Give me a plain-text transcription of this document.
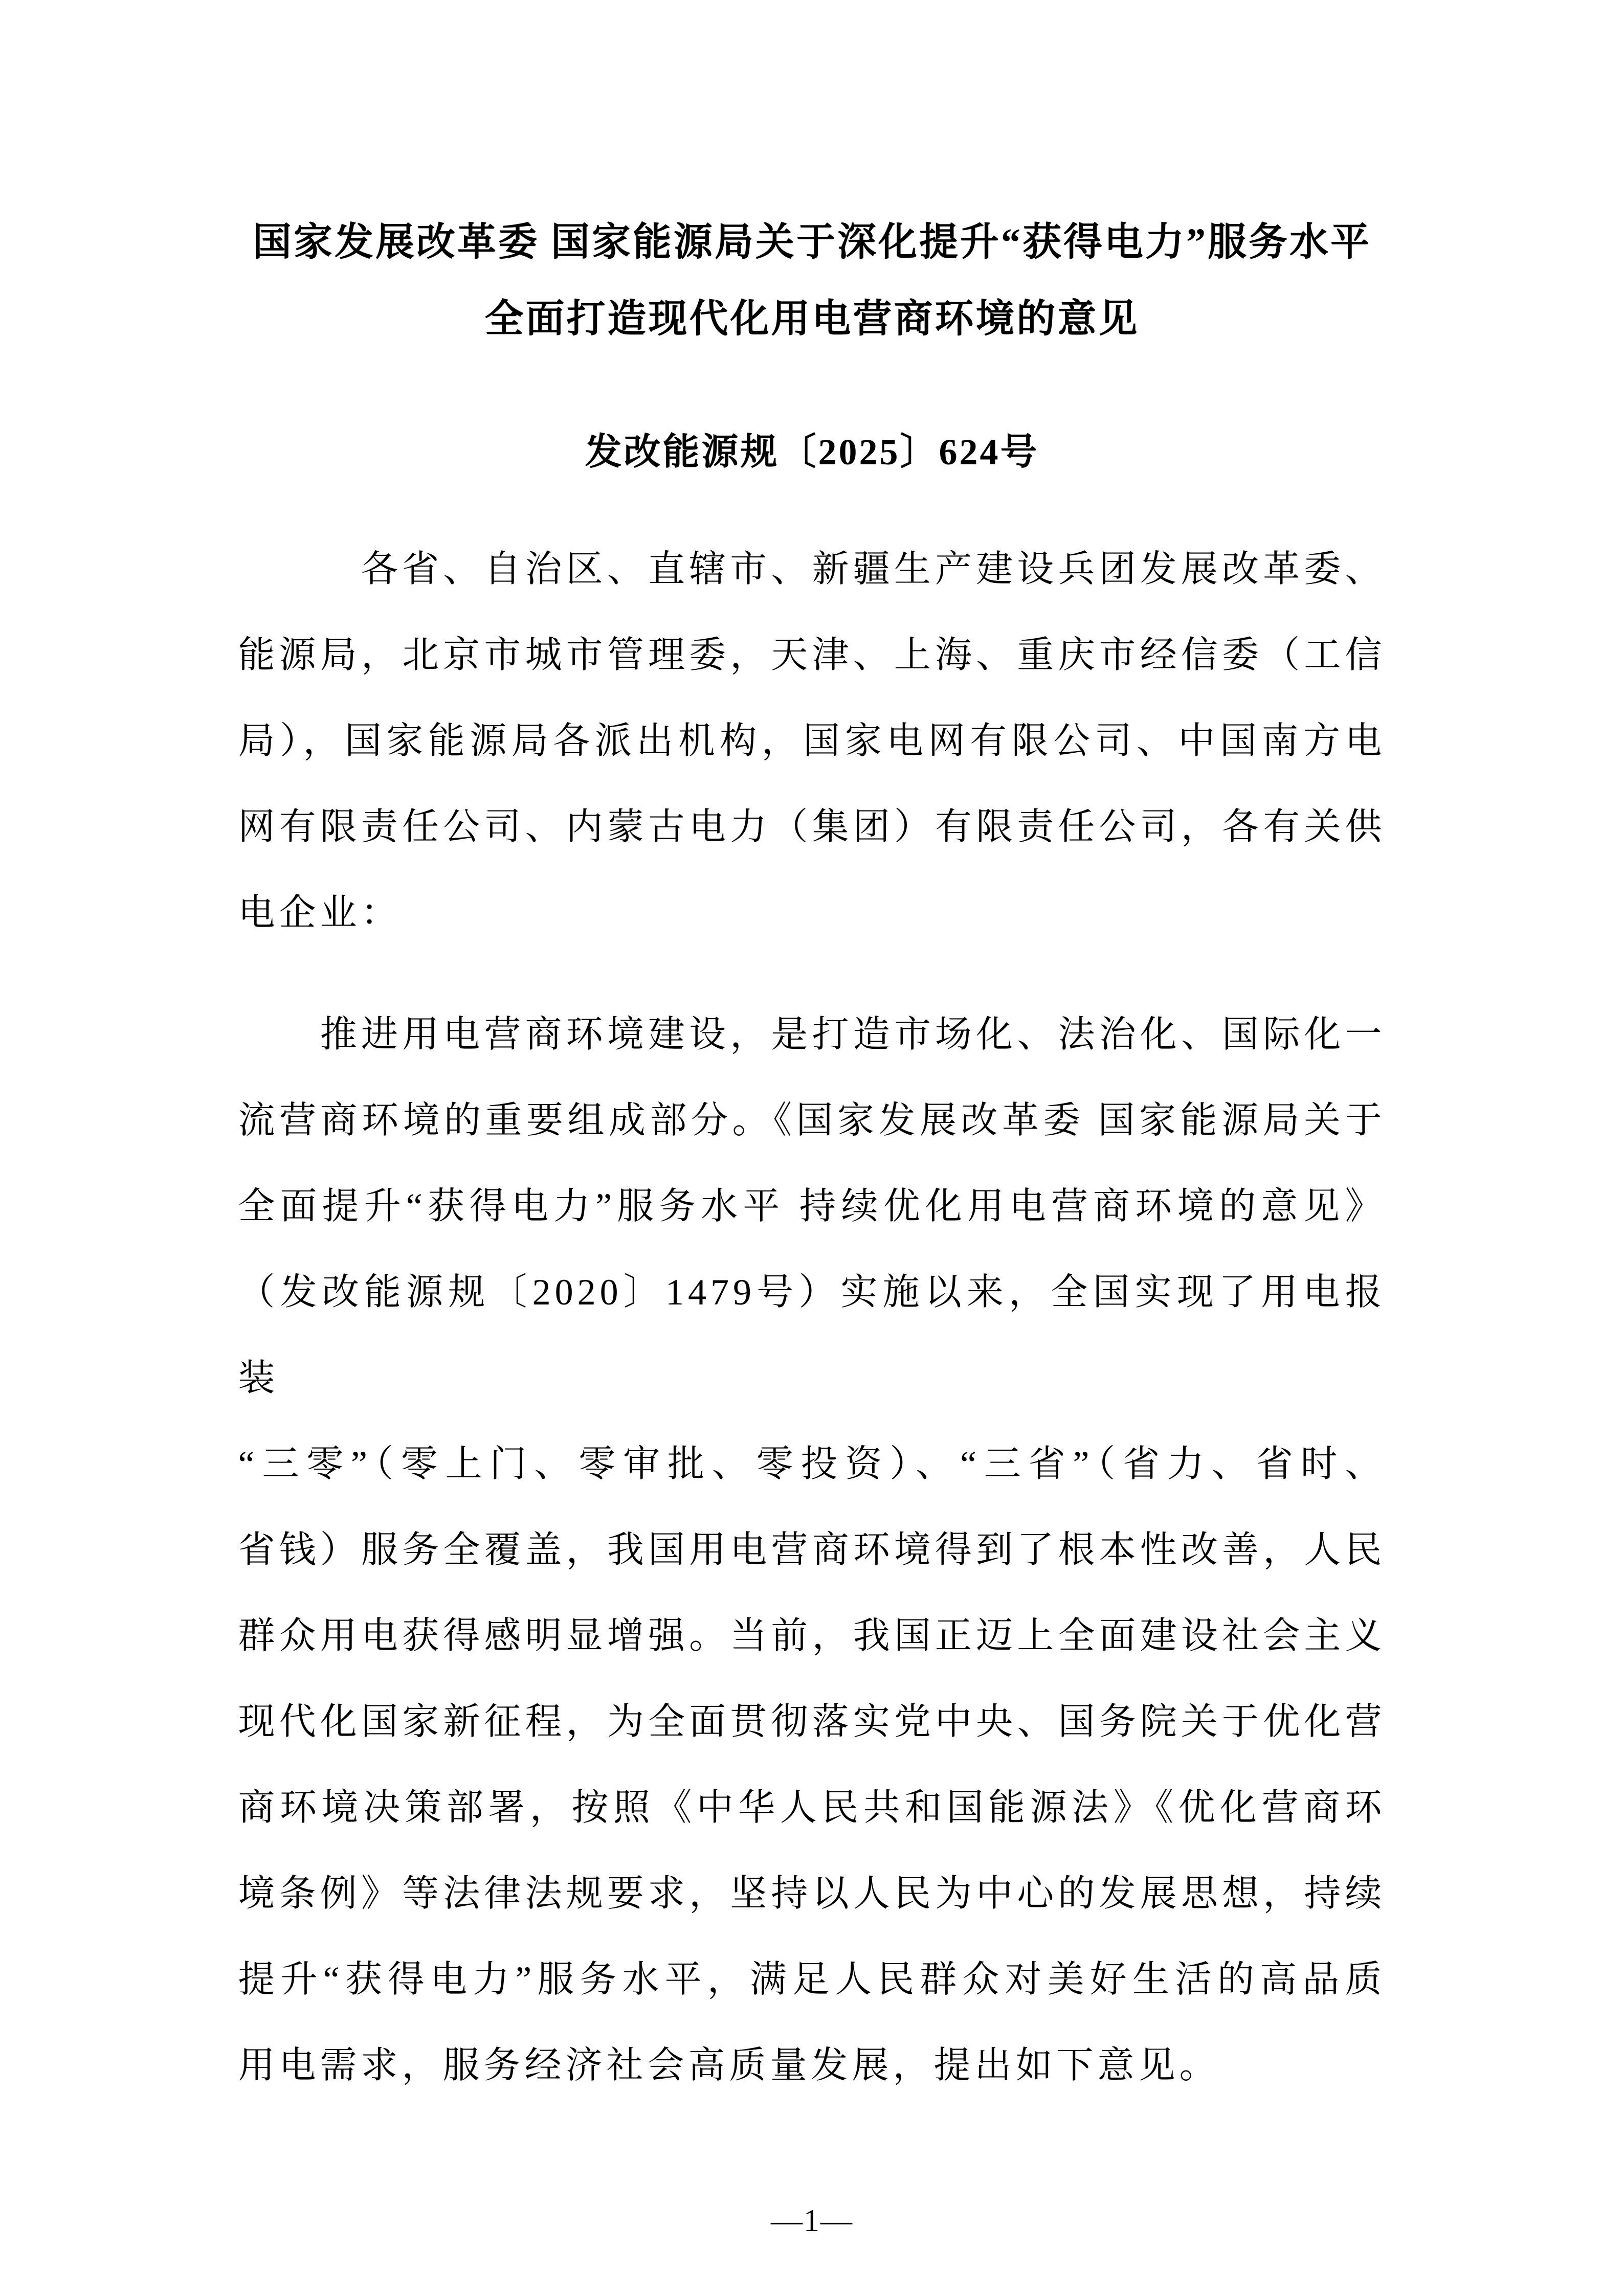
国家发展改革委 国家能源局关于深化提升“获得电力”服务水平
全面打造现代化用电营商环境的意见
发改能源规〔2025〕624号
　　　各省、自治区、直辖市、新疆生产建设兵团发展改革委、
能源局，北京市城市管理委，天津、上海、重庆市经信委（工信
局），国家能源局各派出机构，国家电网有限公司、中国南方电
网有限责任公司、内蒙古电力（集团）有限责任公司，各有关供
电企业：
　　推进用电营商环境建设，是打造市场化、法治化、国际化一
流营商环境的重要组成部分。《国家发展改革委 国家能源局关于
全面提升“获得电力”服务水平 持续优化用电营商环境的意见》
（发改能源规〔2020〕1479号）实施以来，全国实现了用电报装
“三零”（零上门、零审批、零投资）、“三省”（省力、省时、
省钱）服务全覆盖，我国用电营商环境得到了根本性改善，人民
群众用电获得感明显增强。当前，我国正迈上全面建设社会主义
现代化国家新征程，为全面贯彻落实党中央、国务院关于优化营
商环境决策部署，按照《中华人民共和国能源法》《优化营商环
境条例》等法律法规要求，坚持以人民为中心的发展思想，持续
提升“获得电力”服务水平，满足人民群众对美好生活的高品质
用电需求，服务经济社会高质量发展，提出如下意见。
—1—
